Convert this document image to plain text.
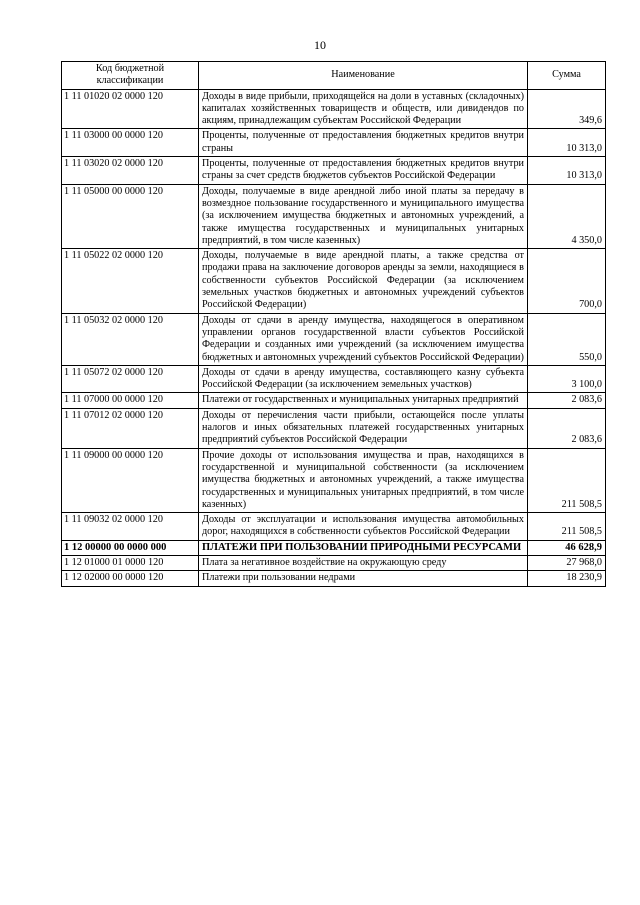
10
Код бюджетной классификации	Наименование	Сумма
1 11 01020 02 0000 120	Доходы в виде прибыли, приходящейся на доли в уставных (складочных) капиталах хозяйственных товариществ и обществ, или дивидендов по акциям, принадлежащим субъектам Российской Федерации	349,6
1 11 03000 00 0000 120	Проценты, полученные от предоставления бюджетных кредитов внутри страны	10 313,0
1 11 03020 02 0000 120	Проценты, полученные от предоставления бюджетных кредитов внутри страны за счет средств бюджетов субъектов Российской Федерации	10 313,0
1 11 05000 00 0000 120	Доходы, получаемые в виде арендной либо иной платы за передачу в возмездное пользование государственного и муниципального имущества (за исключением имущества бюджетных и автономных учреждений, а также имущества государственных и муниципальных унитарных предприятий, в том числе казенных)	4 350,0
1 11 05022 02 0000 120	Доходы, получаемые в виде арендной платы, а также средства от продажи права на заключение договоров аренды за земли, находящиеся в собственности субъектов Российской Федерации (за исключением земельных участков бюджетных и автономных учреждений субъектов Российской Федерации)	700,0
1 11 05032 02 0000 120	Доходы от сдачи в аренду имущества, находящегося в оперативном управлении органов государственной власти субъектов Российской Федерации и созданных ими учреждений (за исключением имущества бюджетных и автономных учреждений субъектов Российской Федерации)	550,0
1 11 05072 02 0000 120	Доходы от сдачи в аренду имущества, составляющего казну субъекта Российской Федерации (за исключением земельных участков)	3 100,0
1 11 07000 00 0000 120	Платежи от государственных и муниципальных унитарных предприятий	2 083,6
1 11 07012 02 0000 120	Доходы от перечисления части прибыли, остающейся после уплаты налогов и иных обязательных платежей государственных унитарных предприятий субъектов Российской Федерации	2 083,6
1 11 09000 00 0000 120	Прочие доходы от использования имущества и прав, находящихся в государственной и муниципальной собственности (за исключением имущества бюджетных и автономных учреждений, а также имущества государственных и муниципальных унитарных предприятий, в том числе казенных)	211 508,5
1 11 09032 02 0000 120	Доходы от эксплуатации и использования имущества автомобильных дорог, находящихся в собственности субъектов Российской Федерации	211 508,5
1 12 00000 00 0000 000	ПЛАТЕЖИ ПРИ ПОЛЬЗОВАНИИ ПРИРОДНЫМИ РЕСУРСАМИ	46 628,9
1 12 01000 01 0000 120	Плата за негативное воздействие на окружающую среду	27 968,0
1 12 02000 00 0000 120	Платежи при пользовании недрами	18 230,9
